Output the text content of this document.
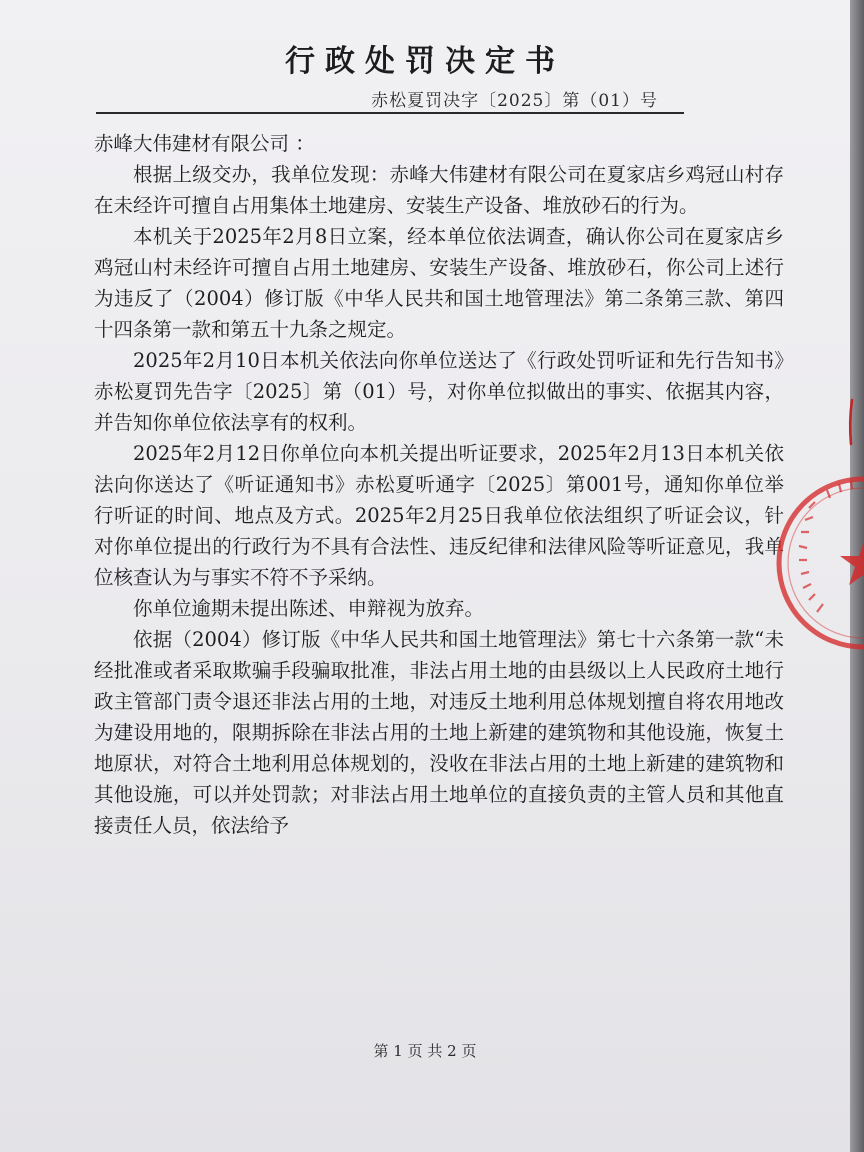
行政处罚决定书
赤松夏罚决字〔2025〕第（01）号

赤峰大伟建材有限公司 ：

根据上级交办，我单位发现：赤峰大伟建材有限公司在夏家店乡鸡冠山村存在未经许可擅自占用集体土地建房、安装生产设备、堆放砂石的行为。

本机关于2025年2月8日立案，经本单位依法调查，确认你公司在夏家店乡鸡冠山村未经许可擅自占用土地建房、安装生产设备、堆放砂石，你公司上述行为违反了（2004）修订版《中华人民共和国土地管理法》第二条第三款、第四十四条第一款和第五十九条之规定。

2025年2月10日本机关依法向你单位送达了《行政处罚听证和先行告知书》赤松夏罚先告字〔2025〕第（01）号，对你单位拟做出的事实、依据其内容，并告知你单位依法享有的权利。

2025年2月12日你单位向本机关提出听证要求，2025年2月13日本机关依法向你送达了《听证通知书》赤松夏听通字〔2025〕第001号，通知你单位举行听证的时间、地点及方式。2025年2月25日我单位依法组织了听证会议，针对你单位提出的行政行为不具有合法性、违反纪律和法律风险等听证意见，我单位核查认为与事实不符不予采纳。

你单位逾期未提出陈述、申辩视为放弃。

依据（2004）修订版《中华人民共和国土地管理法》第七十六条第一款“未经批准或者采取欺骗手段骗取批准，非法占用土地的由县级以上人民政府土地行政主管部门责令退还非法占用的土地，对违反土地利用总体规划擅自将农用地改为建设用地的，限期拆除在非法占用的土地上新建的建筑物和其他设施，恢复土地原状，对符合土地利用总体规划的，没收在非法占用的土地上新建的建筑物和其他设施，可以并处罚款；对非法占用土地单位的直接负责的主管人员和其他直接责任人员，依法给予

第 1 页 共 2 页
